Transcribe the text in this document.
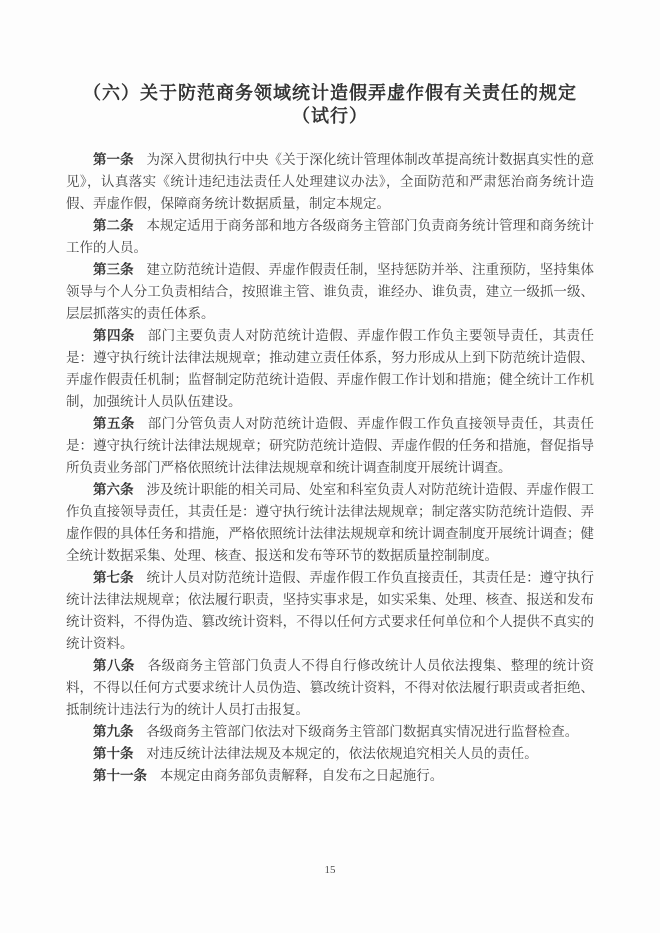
（六）关于防范商务领域统计造假弄虚作假有关责任的规定
（试行）

第一条 为深入贯彻执行中央《关于深化统计管理体制改革提高统计数据真实性的意见》，认真落实《统计违纪违法责任人处理建议办法》，全面防范和严肃惩治商务统计造假、弄虚作假，保障商务统计数据质量，制定本规定。

第二条 本规定适用于商务部和地方各级商务主管部门负责商务统计管理和商务统计工作的人员。

第三条 建立防范统计造假、弄虚作假责任制，坚持惩防并举、注重预防，坚持集体领导与个人分工负责相结合，按照谁主管、谁负责，谁经办、谁负责，建立一级抓一级、层层抓落实的责任体系。

第四条 部门主要负责人对防范统计造假、弄虚作假工作负主要领导责任，其责任是：遵守执行统计法律法规规章；推动建立责任体系，努力形成从上到下防范统计造假、弄虚作假责任机制；监督制定防范统计造假、弄虚作假工作计划和措施；健全统计工作机制，加强统计人员队伍建设。

第五条 部门分管负责人对防范统计造假、弄虚作假工作负直接领导责任，其责任是：遵守执行统计法律法规规章；研究防范统计造假、弄虚作假的任务和措施，督促指导所负责业务部门严格依照统计法律法规规章和统计调查制度开展统计调查。

第六条 涉及统计职能的相关司局、处室和科室负责人对防范统计造假、弄虚作假工作负直接领导责任，其责任是：遵守执行统计法律法规规章；制定落实防范统计造假、弄虚作假的具体任务和措施，严格依照统计法律法规规章和统计调查制度开展统计调查；健全统计数据采集、处理、核查、报送和发布等环节的数据质量控制制度。

第七条 统计人员对防范统计造假、弄虚作假工作负直接责任，其责任是：遵守执行统计法律法规规章；依法履行职责，坚持实事求是，如实采集、处理、核查、报送和发布统计资料，不得伪造、篡改统计资料，不得以任何方式要求任何单位和个人提供不真实的统计资料。

第八条 各级商务主管部门负责人不得自行修改统计人员依法搜集、整理的统计资料，不得以任何方式要求统计人员伪造、篡改统计资料，不得对依法履行职责或者拒绝、抵制统计违法行为的统计人员打击报复。

第九条 各级商务主管部门依法对下级商务主管部门数据真实情况进行监督检查。

第十条 对违反统计法律法规及本规定的，依法依规追究相关人员的责任。

第十一条 本规定由商务部负责解释，自发布之日起施行。

15
